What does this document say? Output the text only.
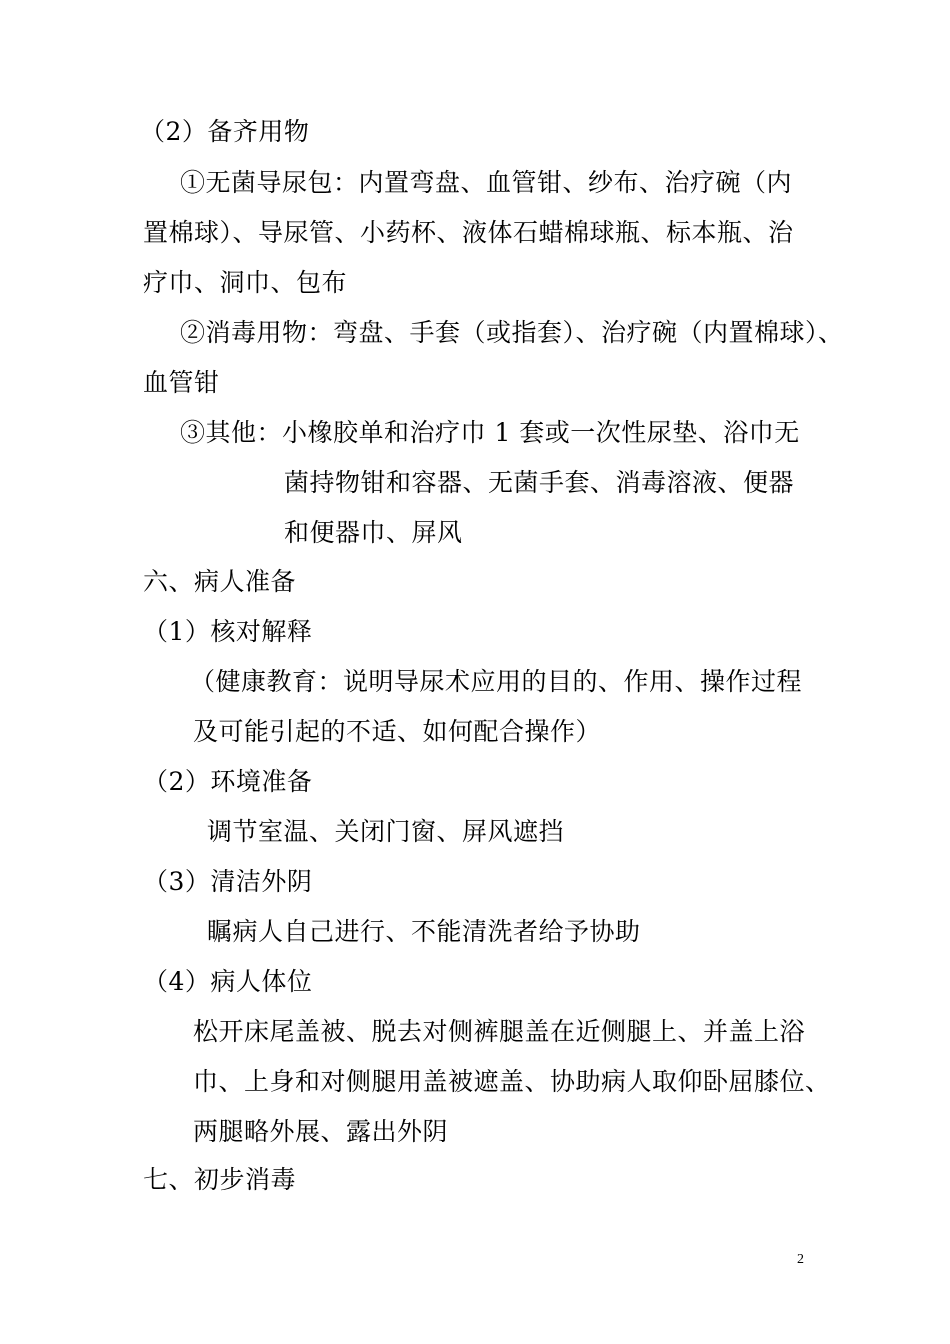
（2）备齐用物
①无菌导尿包：内置弯盘、血管钳、纱布、治疗碗（内
置棉球）、导尿管、小药杯、液体石蜡棉球瓶、标本瓶、治
疗巾、洞巾、包布
②消毒用物：弯盘、手套（或指套）、治疗碗（内置棉球）、
血管钳
③其他：小橡胶单和治疗巾 1 套或一次性尿垫、浴巾无
菌持物钳和容器、无菌手套、消毒溶液、便器
和便器巾、屏风
六、病人准备
（1）核对解释
（健康教育：说明导尿术应用的目的、作用、操作过程
及可能引起的不适、如何配合操作）
（2）环境准备
调节室温、关闭门窗、屏风遮挡
（3）清洁外阴
瞩病人自己进行、不能清洗者给予协助
（4）病人体位
松开床尾盖被、脱去对侧裤腿盖在近侧腿上、并盖上浴
巾、上身和对侧腿用盖被遮盖、协助病人取仰卧屈膝位、
两腿略外展、露出外阴
七、初步消毒
2
